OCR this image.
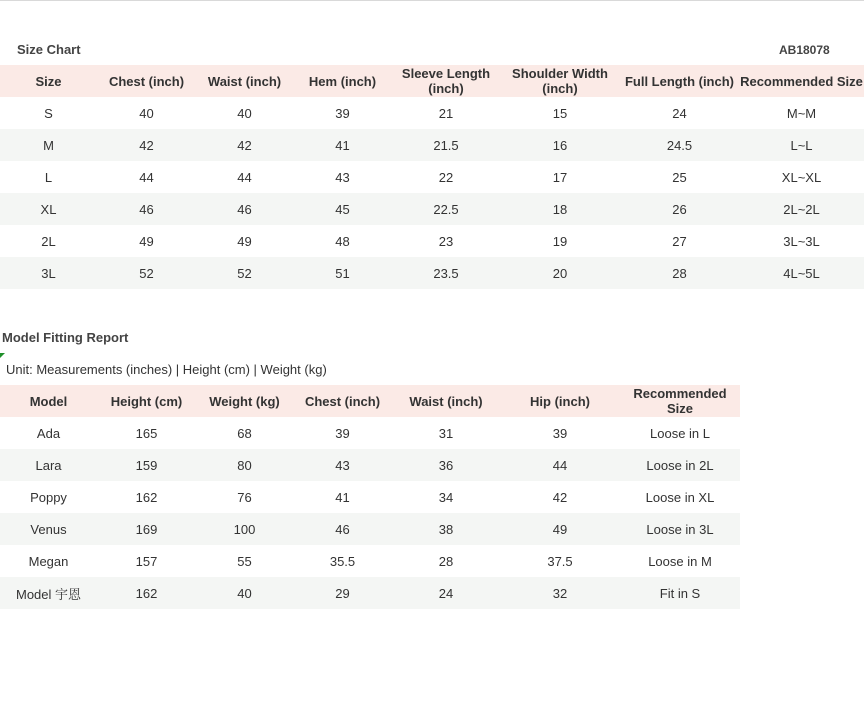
Size Chart	AB18078
Size	Chest (inch)	Waist (inch)	Hem (inch)	Sleeve Length (inch)	Shoulder Width (inch)	Full Length (inch)	Recommended Size
S	40	40	39	21	15	24	M~M
M	42	42	41	21.5	16	24.5	L~L
L	44	44	43	22	17	25	XL~XL
XL	46	46	45	22.5	18	26	2L~2L
2L	49	49	48	23	19	27	3L~3L
3L	52	52	51	23.5	20	28	4L~5L
Model Fitting Report
Unit: Measurements (inches) | Height (cm) | Weight (kg)
Model	Height (cm)	Weight (kg)	Chest (inch)	Waist (inch)	Hip (inch)	Recommended Size
Ada	165	68	39	31	39	Loose in L
Lara	159	80	43	36	44	Loose in 2L
Poppy	162	76	41	34	42	Loose in XL
Venus	169	100	46	38	49	Loose in 3L
Megan	157	55	35.5	28	37.5	Loose in M
Model 宇恩	162	40	29	24	32	Fit in S
